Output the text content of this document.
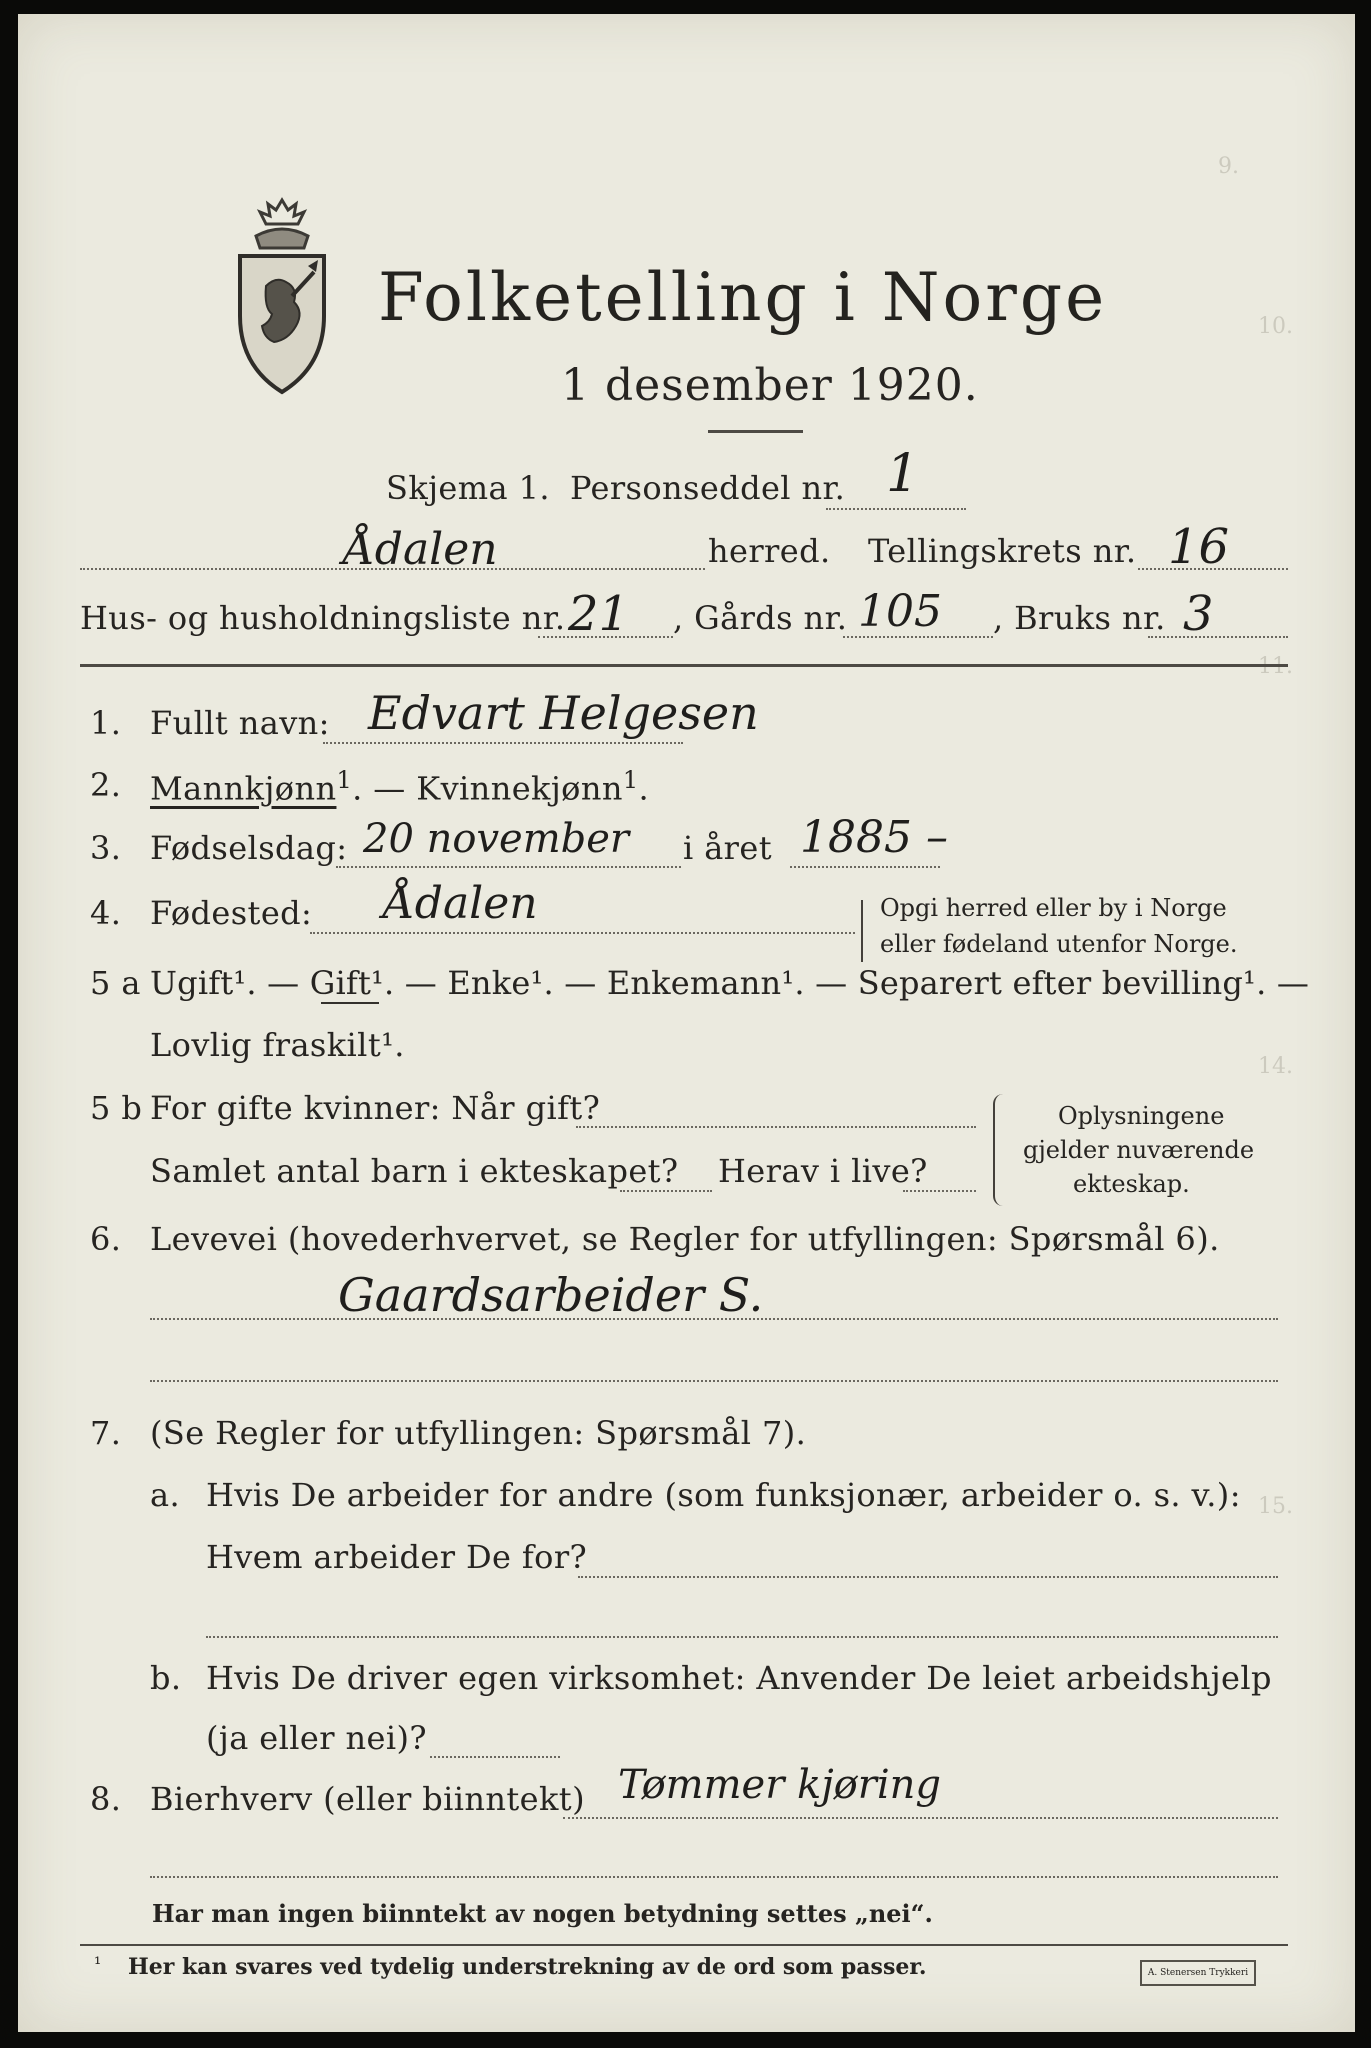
9.
10.
11.
14.
15.
Folketelling i Norge
1 desember 1920.
Skjema 1. Personseddel nr. 1
Ådalen	herred. Tellingskrets nr. 16
Hus- og husholdningsliste nr. 21 , Gårds nr. 105 , Bruks nr. 3
1. Fullt navn: Edvart Helgesen
2. Mannkjønn$^1$. — Kvinnekjønn$^1$.
3. Fødselsdag: 20 november i året 1885 –
4. Fødested: Ådalen	Opgi herred eller by i Norge
eller fødeland utenfor Norge.
5 a Ugift¹. — Gift¹. — Enke¹. — Enkemann¹. — Separert efter bevilling¹. —
Lovlig fraskilt¹.
5 b For gifte kvinner: Når gift?
Samlet antal barn i ekteskapet? Herav i live?
Oplysningene
gjelder nuværende
ekteskap.
6. Levevei (hovederhvervet, se Regler for utfyllingen: Spørsmål 6).
Gaardsarbeider S.
7. (Se Regler for utfyllingen: Spørsmål 7).
a. Hvis De arbeider for andre (som funksjonær, arbeider o. s. v.):
Hvem arbeider De for?
b. Hvis De driver egen virksomhet: Anvender De leiet arbeidshjelp
(ja eller nei)?
8. Bierhverv (eller biinntekt) Tømmer kjøring
Har man ingen biinntekt av nogen betydning settes „nei“.
¹ Her kan svares ved tydelig understrekning av de ord som passer.	A. Stenersen Trykkeri
